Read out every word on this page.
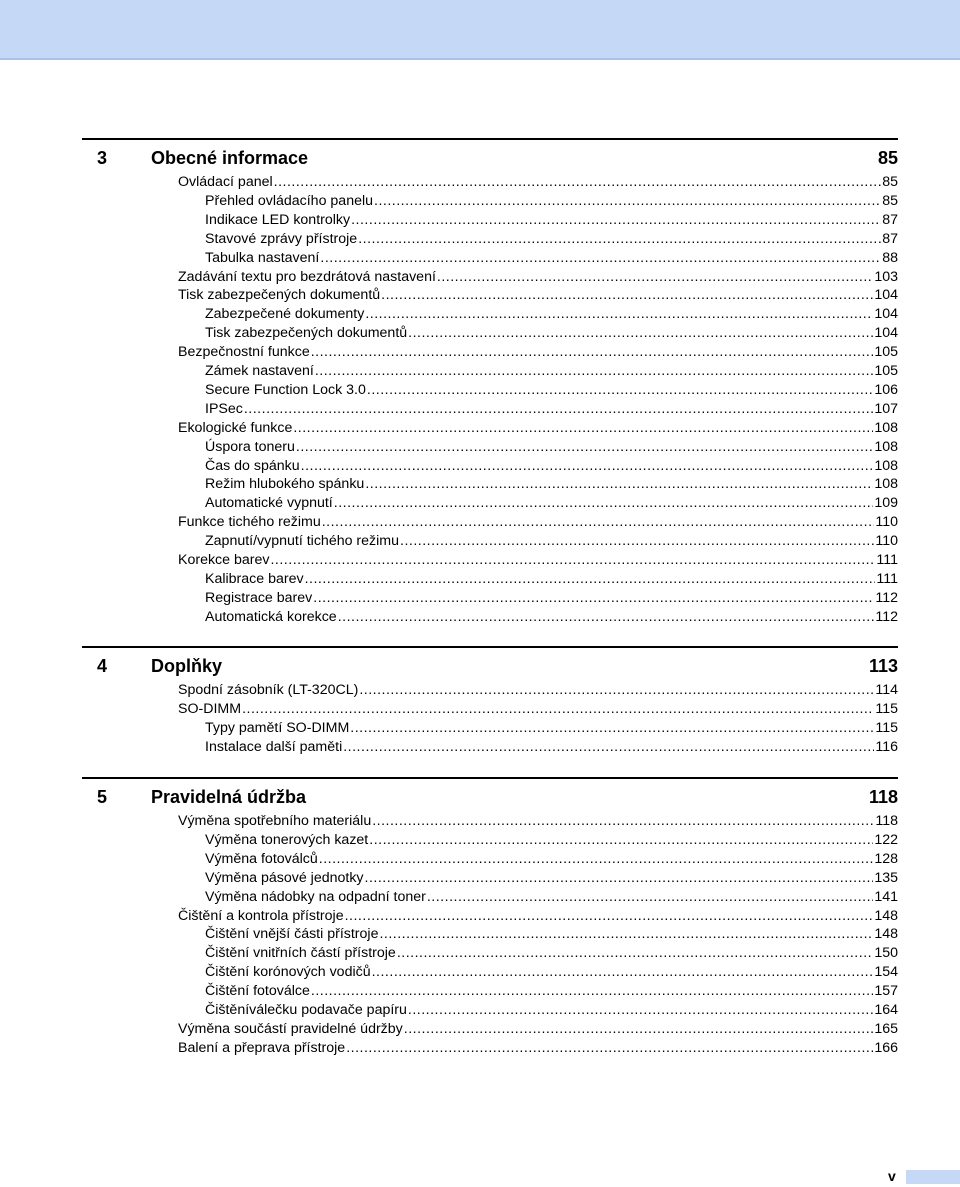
3 Obecné informace	85
Ovládací panel .....	85
Přehled ovládacího panelu .....	85
Indikace LED kontrolky .....	87
Stavové zprávy přístroje .....	87
Tabulka nastavení .....	88
Zadávání textu pro bezdrátová nastavení .....	103
Tisk zabezpečených dokumentů .....	104
Zabezpečené dokumenty .....	104
Tisk zabezpečených dokumentů .....	104
Bezpečnostní funkce .....	105
Zámek nastavení .....	105
Secure Function Lock 3.0 .....	106
IPSec .....	107
Ekologické funkce .....	108
Úspora toneru .....	108
Čas do spánku .....	108
Režim hlubokého spánku .....	108
Automatické vypnutí .....	109
Funkce tichého režimu .....	110
Zapnutí/vypnutí tichého režimu .....	110
Korekce barev .....	111
Kalibrace barev .....	111
Registrace barev .....	112
Automatická korekce .....	112
4 Doplňky	113
Spodní zásobník (LT-320CL) .....	114
SO-DIMM .....	115
Typy pamětí SO-DIMM .....	115
Instalace další paměti .....	116
5 Pravidelná údržba	118
Výměna spotřebního materiálu .....	118
Výměna tonerových kazet .....	122
Výměna fotoválců .....	128
Výměna pásové jednotky .....	135
Výměna nádobky na odpadní toner .....	141
Čištění a kontrola přístroje .....	148
Čištění vnější části přístroje .....	148
Čištění vnitřních částí přístroje .....	150
Čištění korónových vodičů .....	154
Čištění fotoválce .....	157
Čištěníválečku podavače papíru .....	164
Výměna součástí pravidelné údržby .....	165
Balení a přeprava přístroje .....	166
v
